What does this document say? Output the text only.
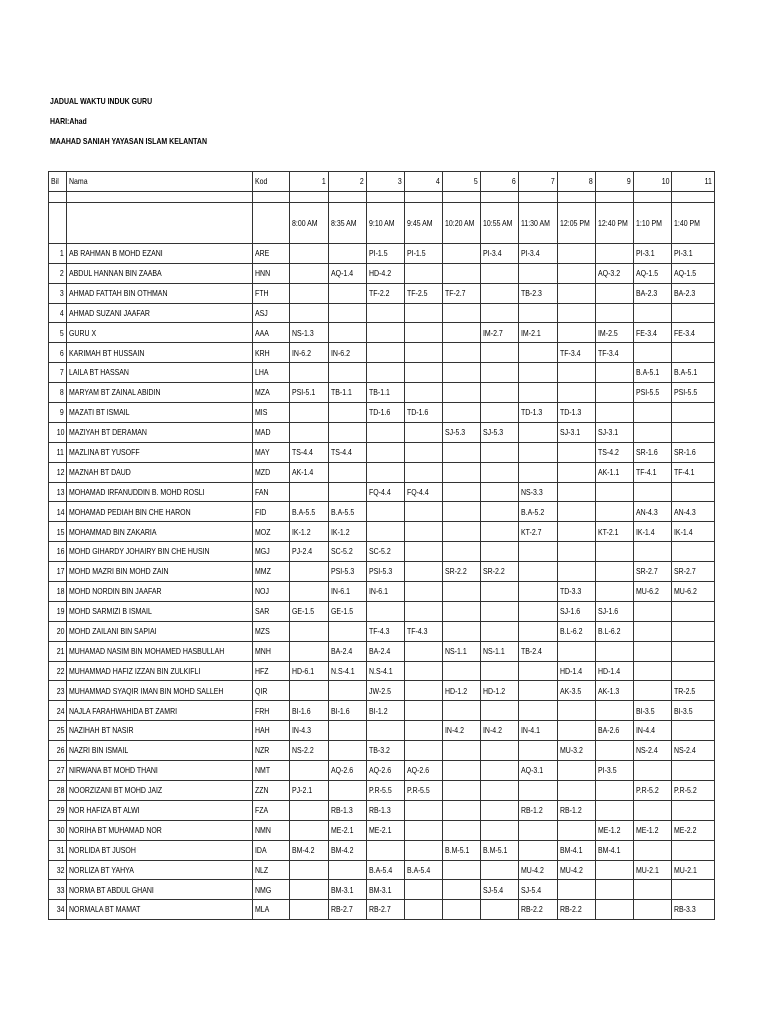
JADUAL WAKTU INDUK GURU
HARI:Ahad
MAAHAD SANIAH YAYASAN ISLAM KELANTAN
Bil	Nama	Kod	1	2	3	4	5	6	7	8	9	10	11

			8:00 AM	8:35 AM	9:10 AM	9:45 AM	10:20 AM	10:55 AM	11:30 AM	12:05 PM	12:40 PM	1:10 PM	1:40 PM
1	AB RAHMAN B MOHD EZANI	ARE			PI-1.5	PI-1.5		PI-3.4	PI-3.4			PI-3.1	PI-3.1
2	ABDUL HANNAN BIN ZAABA	HNN		AQ-1.4	HD-4.2						AQ-3.2	AQ-1.5	AQ-1.5
3	AHMAD FATTAH BIN OTHMAN	FTH			TF-2.2	TF-2.5	TF-2.7		TB-2.3			BA-2.3	BA-2.3
4	AHMAD SUZANI JAAFAR	ASJ											
5	GURU X	AAA	NS-1.3					IM-2.7	IM-2.1		IM-2.5	FE-3.4	FE-3.4
6	KARIMAH BT HUSSAIN	KRH	IN-6.2	IN-6.2						TF-3.4	TF-3.4		
7	LAILA BT HASSAN	LHA										B.A-5.1	B.A-5.1
8	MARYAM BT ZAINAL ABIDIN	MZA	PSI-5.1	TB-1.1	TB-1.1							PSI-5.5	PSI-5.5
9	MAZATI BT ISMAIL	MIS			TD-1.6	TD-1.6			TD-1.3	TD-1.3			
10	MAZIYAH BT DERAMAN	MAD					SJ-5.3	SJ-5.3		SJ-3.1	SJ-3.1		
11	MAZLINA BT YUSOFF	MAY	TS-4.4	TS-4.4							TS-4.2	SR-1.6	SR-1.6
12	MAZNAH BT DAUD	MZD	AK-1.4								AK-1.1	TF-4.1	TF-4.1
13	MOHAMAD IRFANUDDIN B. MOHD ROSLI	FAN			FQ-4.4	FQ-4.4			NS-3.3				
14	MOHAMAD PEDIAH BIN CHE HARON	FID	B.A-5.5	B.A-5.5					B.A-5.2			AN-4.3	AN-4.3
15	MOHAMMAD BIN ZAKARIA	MOZ	IK-1.2	IK-1.2					KT-2.7		KT-2.1	IK-1.4	IK-1.4
16	MOHD GIHARDY JOHAIRY BIN CHE HUSIN	MGJ	PJ-2.4	SC-5.2	SC-5.2								
17	MOHD MAZRI BIN MOHD ZAIN	MMZ		PSI-5.3	PSI-5.3		SR-2.2	SR-2.2				SR-2.7	SR-2.7
18	MOHD NORDIN BIN JAAFAR	NOJ		IN-6.1	IN-6.1					TD-3.3		MU-6.2	MU-6.2
19	MOHD SARMIZI B ISMAIL	SAR	GE-1.5	GE-1.5						SJ-1.6	SJ-1.6		
20	MOHD ZAILANI BIN SAPIAI	MZS			TF-4.3	TF-4.3				B.L-6.2	B.L-6.2		
21	MUHAMAD NASIM BIN MOHAMED HASBULLAH	MNH		BA-2.4	BA-2.4		NS-1.1	NS-1.1	TB-2.4				
22	MUHAMMAD HAFIZ IZZAN BIN ZULKIFLI	HFZ	HD-6.1	N.S-4.1	N.S-4.1					HD-1.4	HD-1.4		
23	MUHAMMAD SYAQIR IMAN BIN MOHD SALLEH	QIR			JW-2.5		HD-1.2	HD-1.2		AK-3.5	AK-1.3		TR-2.5
24	NAJLA FARAHWAHIDA BT ZAMRI	FRH	BI-1.6	BI-1.6	BI-1.2							BI-3.5	BI-3.5
25	NAZIHAH BT NASIR	HAH	IN-4.3				IN-4.2	IN-4.2	IN-4.1		BA-2.6	IN-4.4	
26	NAZRI BIN ISMAIL	NZR	NS-2.2		TB-3.2					MU-3.2		NS-2.4	NS-2.4
27	NIRWANA BT MOHD THANI	NMT		AQ-2.6	AQ-2.6	AQ-2.6			AQ-3.1		PI-3.5		
28	NOORZIZANI BT MOHD JAIZ	ZZN	PJ-2.1		P.R-5.5	P.R-5.5						P.R-5.2	P.R-5.2
29	NOR HAFIZA BT ALWI	FZA		RB-1.3	RB-1.3				RB-1.2	RB-1.2			
30	NORIHA BT MUHAMAD NOR	NMN		ME-2.1	ME-2.1						ME-1.2	ME-1.2	ME-2.2
31	NORLIDA BT JUSOH	IDA	BM-4.2	BM-4.2			B.M-5.1	B.M-5.1		BM-4.1	BM-4.1		
32	NORLIZA BT YAHYA	NLZ			B.A-5.4	B.A-5.4			MU-4.2	MU-4.2		MU-2.1	MU-2.1
33	NORMA BT ABDUL GHANI	NMG		BM-3.1	BM-3.1			SJ-5.4	SJ-5.4				
34	NORMALA BT MAMAT	MLA		RB-2.7	RB-2.7				RB-2.2	RB-2.2			RB-3.3
